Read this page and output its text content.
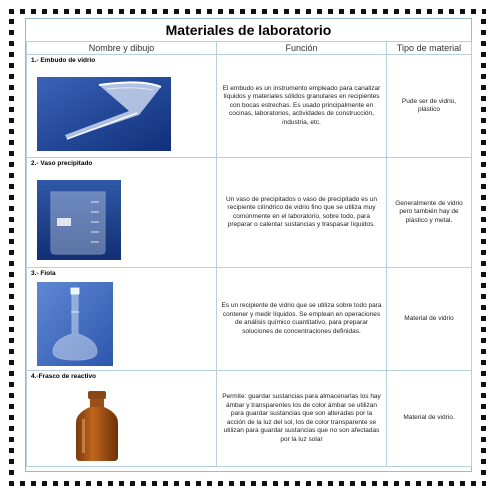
Materiales de laboratorio
Nombre y dibujo	Función	Tipo de material

1.- Embudo de vidrio	El embudo es un instrumento empleado para canalizar líquidos y materiales sólidos granulares en recipientes con bocas estrechas. Es usado principalmente en cocinas, laboratorios, actividades de construcción, industria, etc.	Pude ser de vidrio, plástico

2.- Vaso precipitado	Un vaso de precipitados o vaso de precipitado es un recipiente cilíndrico de vidrio fino que se utiliza muy comúnmente en el laboratorio, sobre todo, para preparar o calentar sustancias y traspasar líquidos.	Generalmente de vidrio pero también hay de plástico y metal.

3.- Fiola	Es un recipiente de vidrio que se utiliza sobre todo para contener y medir líquidos. Se emplean en operaciones de análisis químico cuantitativo, para preparar soluciones de concentraciones definidas.	Material de vidrio

4.-Frasco de reactivo	Permite: guardar sustancias para almacenarlas los hay ámbar y transparentes los de color ámbar se utilizan para guardar sustancias que son alteradas por la acción de la luz del sol, los de color transparente se utilizan para guardar sustancias que no son afectadas por la luz solar	Material de vidrio.
